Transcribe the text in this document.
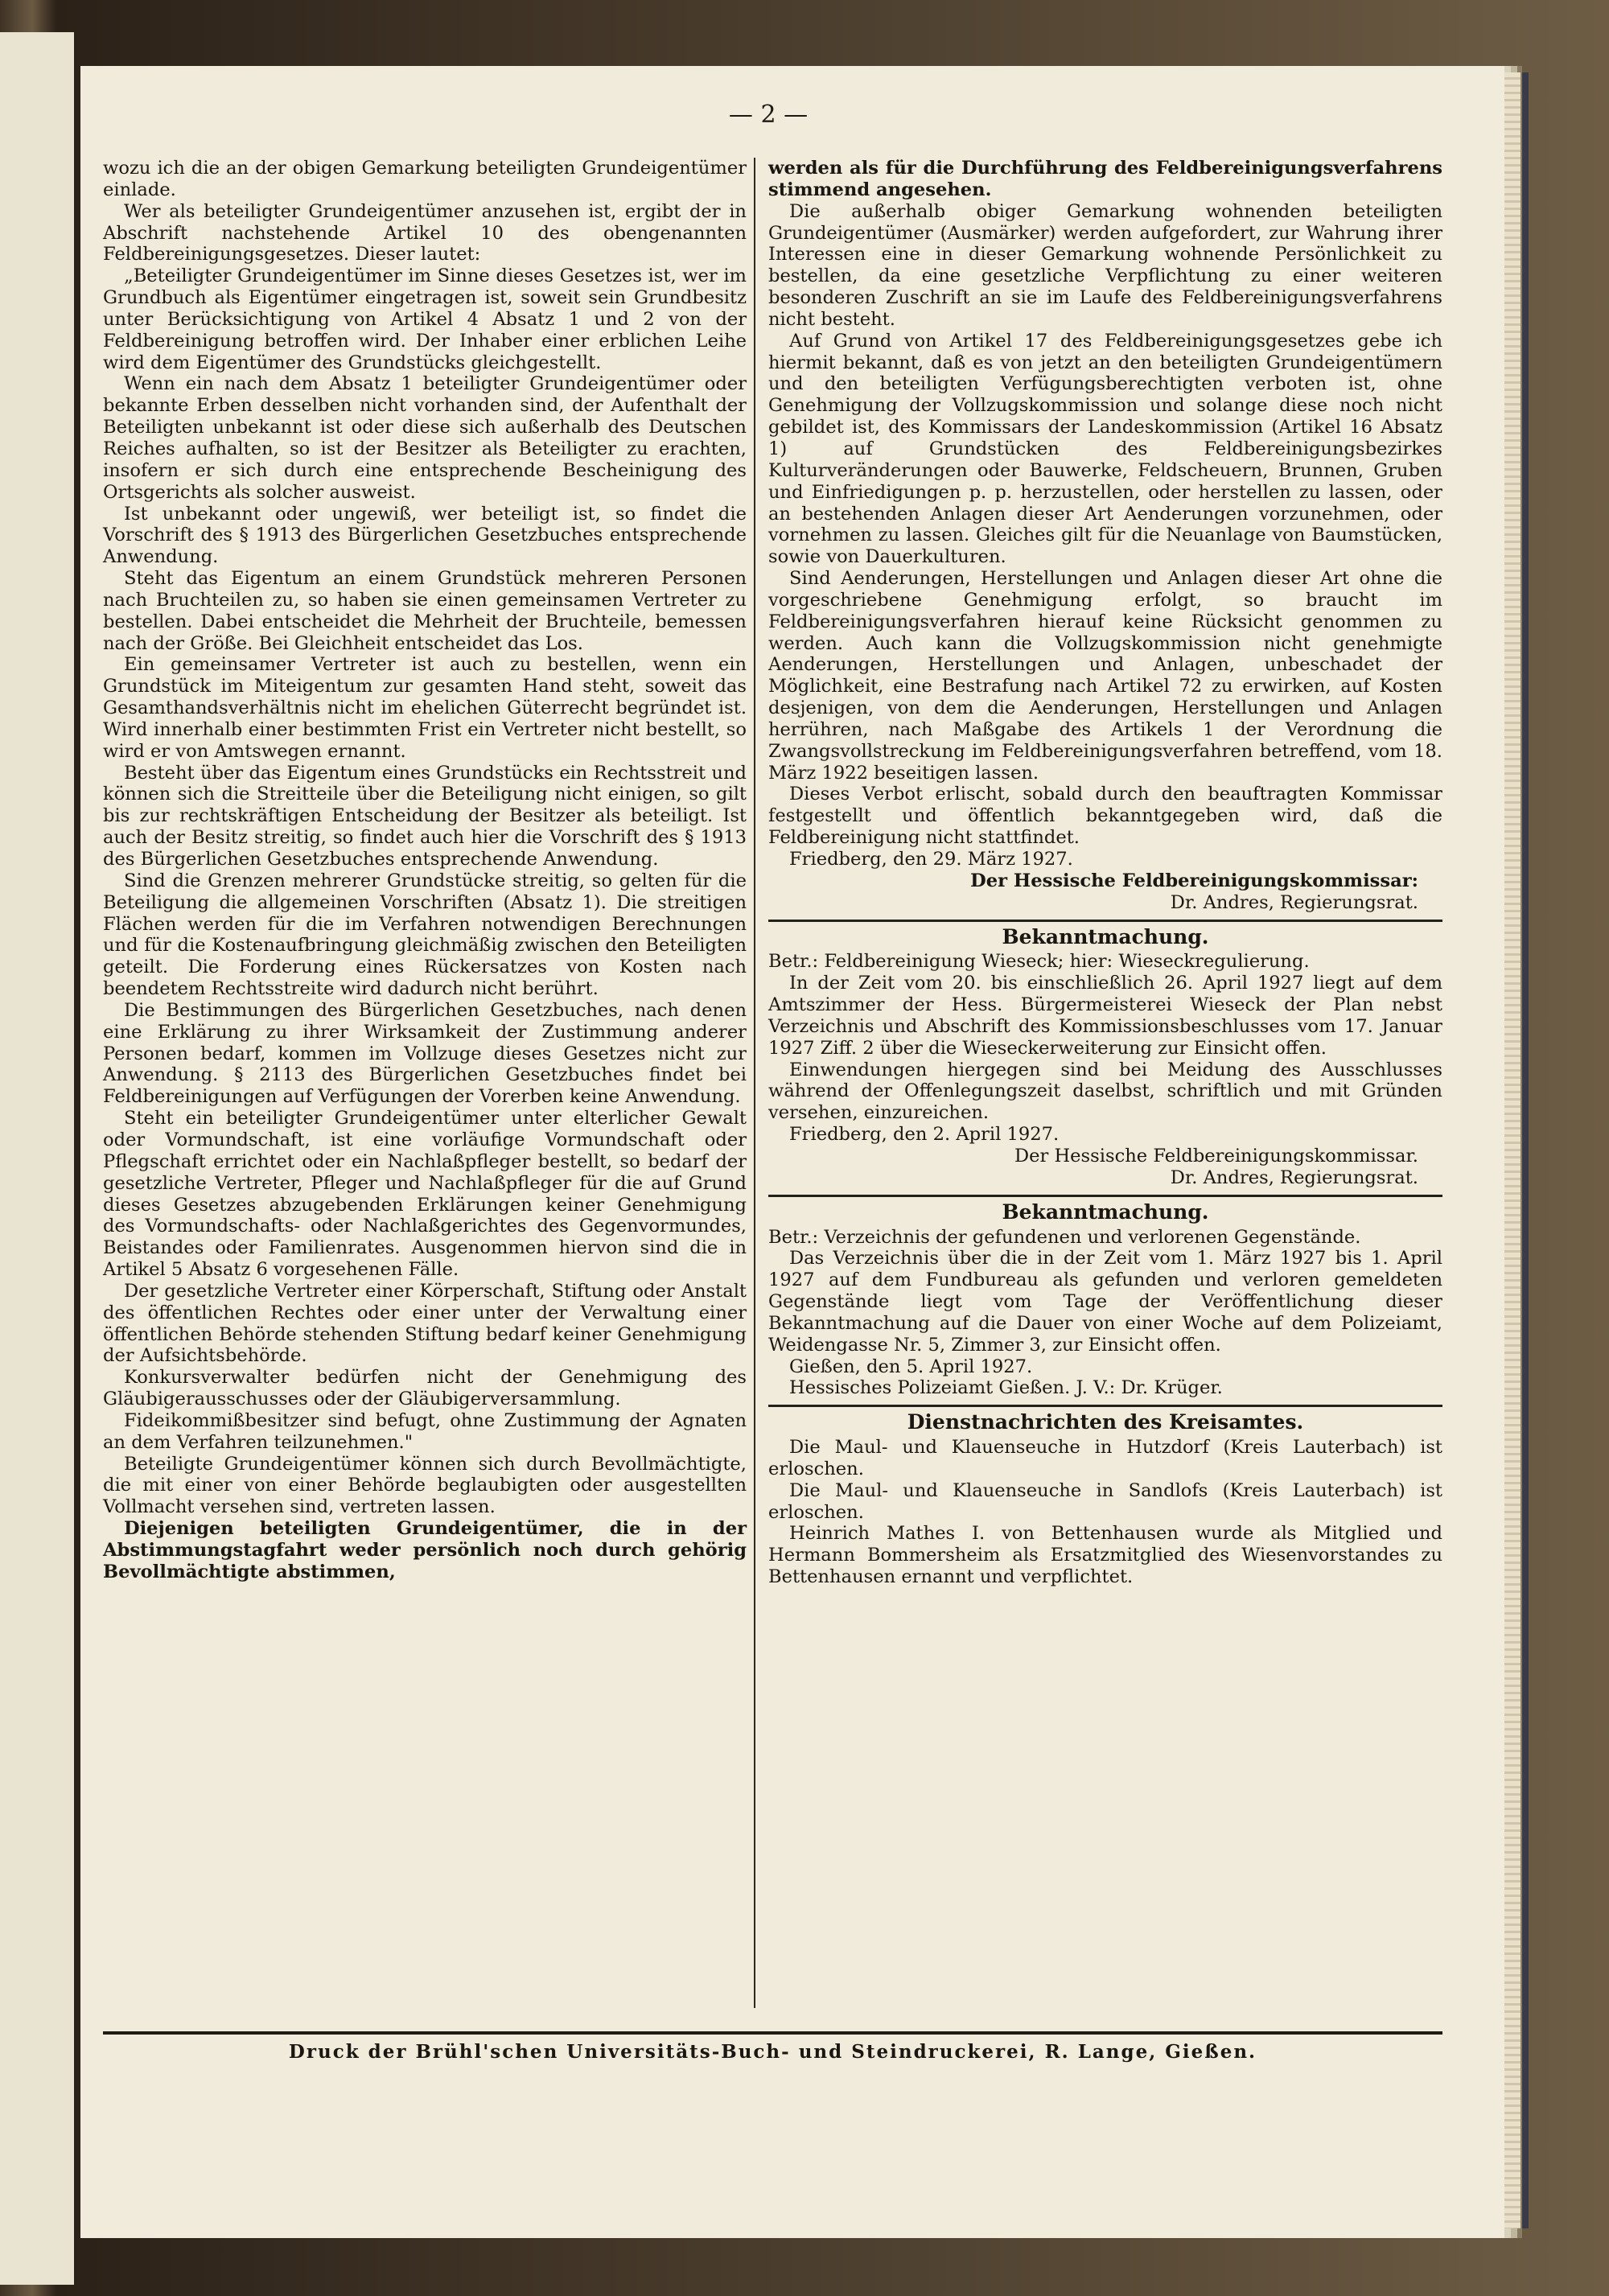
— 2 —

wozu ich die an der obigen Gemarkung beteiligten Grundeigentümer einlade.

Wer als beteiligter Grundeigentümer anzusehen ist, ergibt der in Abschrift nachstehende Artikel 10 des obengenannten Feldbereinigungsgesetzes. Dieser lautet:

„Beteiligter Grundeigentümer im Sinne dieses Gesetzes ist, wer im Grundbuch als Eigentümer eingetragen ist, soweit sein Grundbesitz unter Berücksichtigung von Artikel 4 Absatz 1 und 2 von der Feldbereinigung betroffen wird. Der Inhaber einer erblichen Leihe wird dem Eigentümer des Grundstücks gleichgestellt.

Wenn ein nach dem Absatz 1 beteiligter Grundeigentümer oder bekannte Erben desselben nicht vorhanden sind, der Aufenthalt der Beteiligten unbekannt ist oder diese sich außerhalb des Deutschen Reiches aufhalten, so ist der Besitzer als Beteiligter zu erachten, insofern er sich durch eine entsprechende Bescheinigung des Ortsgerichts als solcher ausweist.

Ist unbekannt oder ungewiß, wer beteiligt ist, so findet die Vorschrift des § 1913 des Bürgerlichen Gesetzbuches entsprechende Anwendung.

Steht das Eigentum an einem Grundstück mehreren Personen nach Bruchteilen zu, so haben sie einen gemeinsamen Vertreter zu bestellen. Dabei entscheidet die Mehrheit der Bruchteile, bemessen nach der Größe. Bei Gleichheit entscheidet das Los.

Ein gemeinsamer Vertreter ist auch zu bestellen, wenn ein Grundstück im Miteigentum zur gesamten Hand steht, soweit das Gesamthandsverhältnis nicht im ehelichen Güterrecht begründet ist. Wird innerhalb einer bestimmten Frist ein Vertreter nicht bestellt, so wird er von Amtswegen ernannt.

Besteht über das Eigentum eines Grundstücks ein Rechtsstreit und können sich die Streitteile über die Beteiligung nicht einigen, so gilt bis zur rechtskräftigen Entscheidung der Besitzer als beteiligt. Ist auch der Besitz streitig, so findet auch hier die Vorschrift des § 1913 des Bürgerlichen Gesetzbuches entsprechende Anwendung.

Sind die Grenzen mehrerer Grundstücke streitig, so gelten für die Beteiligung die allgemeinen Vorschriften (Absatz 1). Die streitigen Flächen werden für die im Verfahren notwendigen Berechnungen und für die Kostenaufbringung gleichmäßig zwischen den Beteiligten geteilt. Die Forderung eines Rückersatzes von Kosten nach beendetem Rechtsstreite wird dadurch nicht berührt.

Die Bestimmungen des Bürgerlichen Gesetzbuches, nach denen eine Erklärung zu ihrer Wirksamkeit der Zustimmung anderer Personen bedarf, kommen im Vollzuge dieses Gesetzes nicht zur Anwendung. § 2113 des Bürgerlichen Gesetzbuches findet bei Feldbereinigungen auf Verfügungen der Vorerben keine Anwendung.

Steht ein beteiligter Grundeigentümer unter elterlicher Gewalt oder Vormundschaft, ist eine vorläufige Vormundschaft oder Pflegschaft errichtet oder ein Nachlaßpfleger bestellt, so bedarf der gesetzliche Vertreter, Pfleger und Nachlaßpfleger für die auf Grund dieses Gesetzes abzugebenden Erklärungen keiner Genehmigung des Vormundschafts- oder Nachlaßgerichtes des Gegenvormundes, Beistandes oder Familienrates. Ausgenommen hiervon sind die in Artikel 5 Absatz 6 vorgesehenen Fälle.

Der gesetzliche Vertreter einer Körperschaft, Stiftung oder Anstalt des öffentlichen Rechtes oder einer unter der Verwaltung einer öffentlichen Behörde stehenden Stiftung bedarf keiner Genehmigung der Aufsichtsbehörde.

Konkursverwalter bedürfen nicht der Genehmigung des Gläubigerausschusses oder der Gläubigerversammlung.

Fideikommißbesitzer sind befugt, ohne Zustimmung der Agnaten an dem Verfahren teilzunehmen."

Beteiligte Grundeigentümer können sich durch Bevollmächtigte, die mit einer von einer Behörde beglaubigten oder ausgestellten Vollmacht versehen sind, vertreten lassen.

Diejenigen beteiligten Grundeigentümer, die in der Abstimmungstagfahrt weder persönlich noch durch gehörig Bevollmächtigte abstimmen,

werden als für die Durchführung des Feldbereinigungsverfahrens stimmend angesehen.

Die außerhalb obiger Gemarkung wohnenden beteiligten Grundeigentümer (Ausmärker) werden aufgefordert, zur Wahrung ihrer Interessen eine in dieser Gemarkung wohnende Persönlichkeit zu bestellen, da eine gesetzliche Verpflichtung zu einer weiteren besonderen Zuschrift an sie im Laufe des Feldbereinigungsverfahrens nicht besteht.

Auf Grund von Artikel 17 des Feldbereinigungsgesetzes gebe ich hiermit bekannt, daß es von jetzt an den beteiligten Grundeigentümern und den beteiligten Verfügungsberechtigten verboten ist, ohne Genehmigung der Vollzugskommission und solange diese noch nicht gebildet ist, des Kommissars der Landeskommission (Artikel 16 Absatz 1) auf Grundstücken des Feldbereinigungsbezirkes Kulturveränderungen oder Bauwerke, Feldscheuern, Brunnen, Gruben und Einfriedigungen p. p. herzustellen, oder herstellen zu lassen, oder an bestehenden Anlagen dieser Art Aenderungen vorzunehmen, oder vornehmen zu lassen. Gleiches gilt für die Neuanlage von Baumstücken, sowie von Dauerkulturen.

Sind Aenderungen, Herstellungen und Anlagen dieser Art ohne die vorgeschriebene Genehmigung erfolgt, so braucht im Feldbereinigungsverfahren hierauf keine Rücksicht genommen zu werden. Auch kann die Vollzugskommission nicht genehmigte Aenderungen, Herstellungen und Anlagen, unbeschadet der Möglichkeit, eine Bestrafung nach Artikel 72 zu erwirken, auf Kosten desjenigen, von dem die Aenderungen, Herstellungen und Anlagen herrühren, nach Maßgabe des Artikels 1 der Verordnung die Zwangsvollstreckung im Feldbereinigungsverfahren betreffend, vom 18. März 1922 beseitigen lassen.

Dieses Verbot erlischt, sobald durch den beauftragten Kommissar festgestellt und öffentlich bekanntgegeben wird, daß die Feldbereinigung nicht stattfindet.

Friedberg, den 29. März 1927.

Der Hessische Feldbereinigungskommissar:

Dr. Andres, Regierungsrat.

Bekanntmachung.

Betr.: Feldbereinigung Wieseck; hier: Wieseckregulierung.

In der Zeit vom 20. bis einschließlich 26. April 1927 liegt auf dem Amtszimmer der Hess. Bürgermeisterei Wieseck der Plan nebst Verzeichnis und Abschrift des Kommissionsbeschlusses vom 17. Januar 1927 Ziff. 2 über die Wieseckerweiterung zur Einsicht offen.

Einwendungen hiergegen sind bei Meidung des Ausschlusses während der Offenlegungszeit daselbst, schriftlich und mit Gründen versehen, einzureichen.

Friedberg, den 2. April 1927.

Der Hessische Feldbereinigungskommissar.

Dr. Andres, Regierungsrat.

Bekanntmachung.

Betr.: Verzeichnis der gefundenen und verlorenen Gegenstände.

Das Verzeichnis über die in der Zeit vom 1. März 1927 bis 1. April 1927 auf dem Fundbureau als gefunden und verloren gemeldeten Gegenstände liegt vom Tage der Veröffentlichung dieser Bekanntmachung auf die Dauer von einer Woche auf dem Polizeiamt, Weidengasse Nr. 5, Zimmer 3, zur Einsicht offen.

Gießen, den 5. April 1927.

Hessisches Polizeiamt Gießen. J. V.: Dr. Krüger.

Dienstnachrichten des Kreisamtes.

Die Maul- und Klauenseuche in Hutzdorf (Kreis Lauterbach) ist erloschen.

Die Maul- und Klauenseuche in Sandlofs (Kreis Lauterbach) ist erloschen.

Heinrich Mathes I. von Bettenhausen wurde als Mitglied und Hermann Bommersheim als Ersatzmitglied des Wiesenvorstandes zu Bettenhausen ernannt und verpflichtet.

Druck der Brühl'schen Universitäts-Buch- und Steindruckerei, R. Lange, Gießen.
